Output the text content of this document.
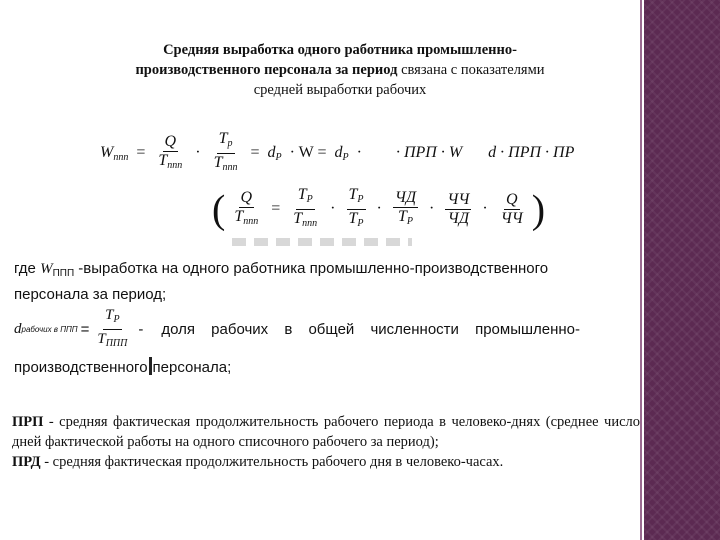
Средняя выработка одного работника промышленно-
производственного персонала за период связана с показателями
средней выработки рабочих
$W_{ппп} = \frac{Q}{T_{ппп}} \cdot \frac{T_p}{T_{ппп}} = d_P \cdot W = d_P$ · · ПРП · W d · ПРП · ПР
( $\frac{Q}{T_{ппп}} = \frac{T_P}{T_{ппп}} \cdot \frac{T_P}{T_P} \cdot \frac{ЧД}{T_P} \cdot \frac{ЧЧ}{ЧД} \cdot \frac{Q}{ЧЧ}$ )
где $W_{ППП}$ -выработка на одного работника промышленно-производственного
персонала за период;
d рабочих в ППП = $\frac{T_P}{T_{ППП}}$ - доля рабочих в общей численности промышленно-
производственного персонала;
ПРП - средняя фактическая продолжительность рабочего периода в человеко-днях (среднее число дней фактической работы на одного списочного рабочего за период);
ПРД - средняя фактическая продолжительность рабочего дня в человеко-часах.
